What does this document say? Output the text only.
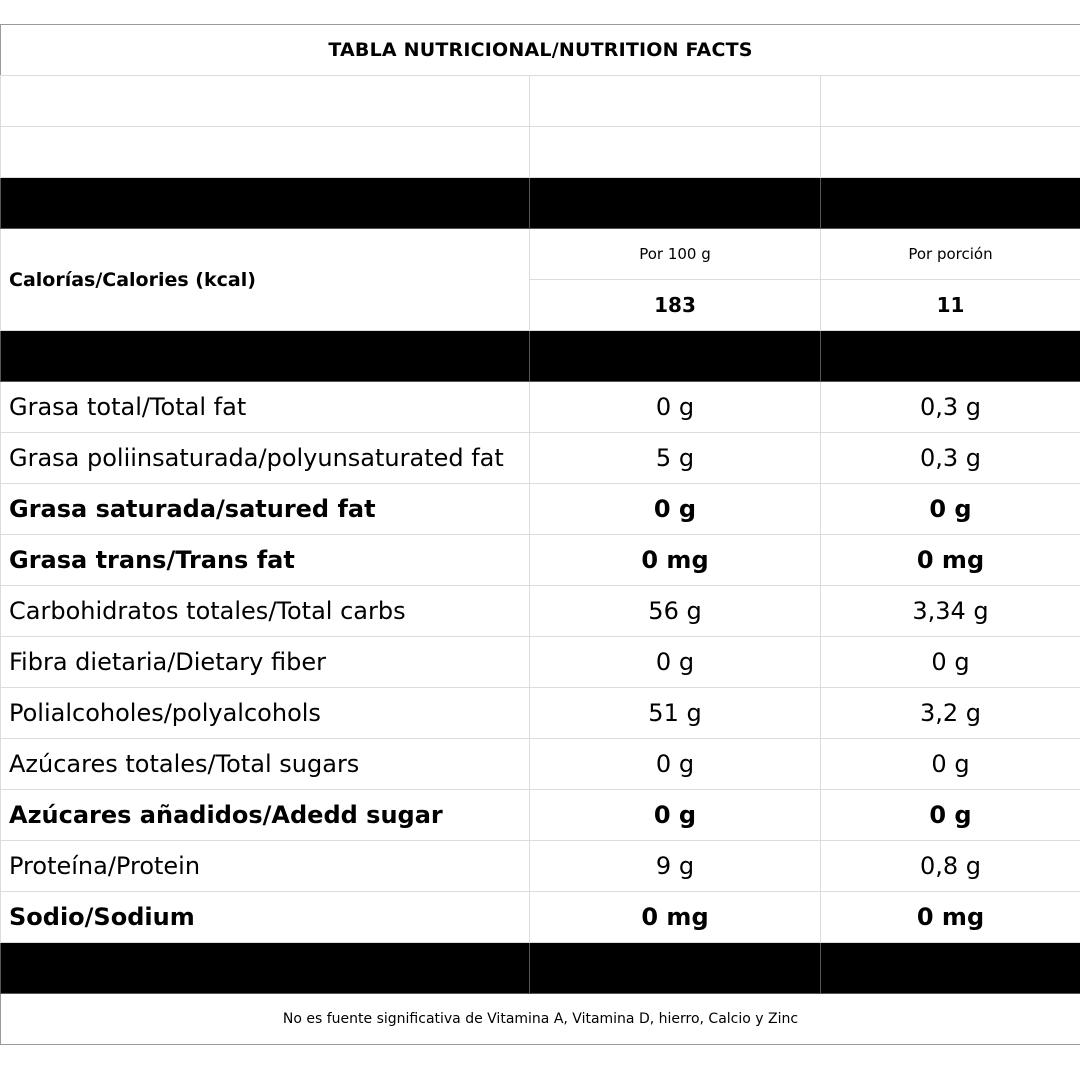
TABLA NUTRICIONAL/NUTRITION FACTS		

Calorías/Calories (kcal)	Por 100 g	Por porción
	183	11

Grasa total/Total fat	0 g	0,3 g
Grasa poliinsaturada/polyunsaturated fat	5 g	0,3 g
Grasa saturada/satured fat	0 g	0 g
Grasa trans/Trans fat	0 mg	0 mg
Carbohidratos totales/Total carbs	56 g	3,34 g
Fibra dietaria/Dietary fiber	0 g	0 g
Polialcoholes/polyalcohols	51 g	3,2 g
Azúcares totales/Total sugars	0 g	0 g
Azúcares añadidos/Adedd sugar	0 g	0 g
Proteína/Protein	9 g	0,8 g
Sodio/Sodium	0 mg	0 mg

No es fuente significativa de Vitamina A, Vitamina D, hierro, Calcio y Zinc		
